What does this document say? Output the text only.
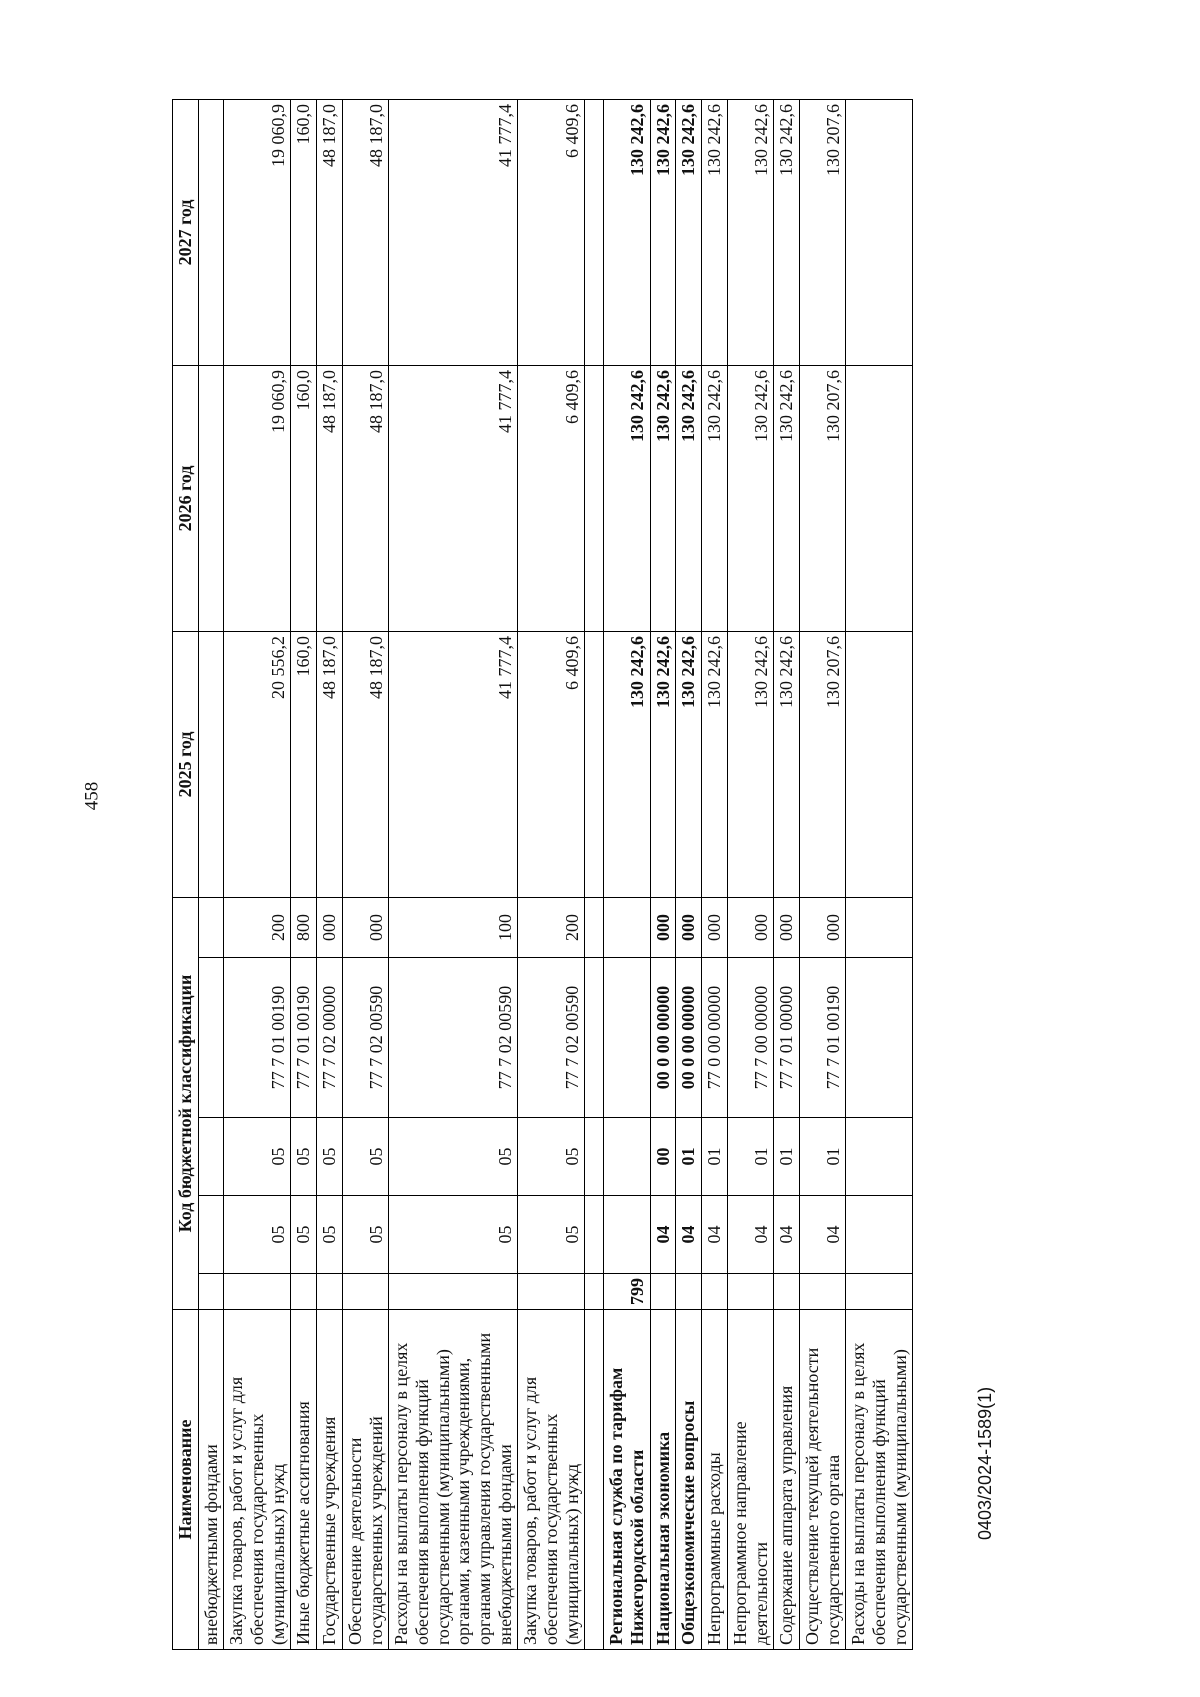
458
Наименование	Код бюджетной классификации					2025 год	2026 год	2027 год
внебюджетными фондами								
Закупка товаров, работ и услуг для обеспечения государственных (муниципальных) нужд		05	05	77 7 01 00190	200	20 556,2	19 060,9	19 060,9
Иные бюджетные ассигнования		05	05	77 7 01 00190	800	160,0	160,0	160,0
Государственные учреждения		05	05	77 7 02 00000	000	48 187,0	48 187,0	48 187,0
Обеспечение деятельности государственных учреждений		05	05	77 7 02 00590	000	48 187,0	48 187,0	48 187,0
Расходы на выплаты персоналу в целях обеспечения выполнения функций государственными (муниципальными) органами, казенными учреждениями, органами управления государственными внебюджетными фондами		05	05	77 7 02 00590	100	41 777,4	41 777,4	41 777,4
Закупка товаров, работ и услуг для обеспечения государственных (муниципальных) нужд		05	05	77 7 02 00590	200	6 409,6	6 409,6	6 409,6

Региональная служба по тарифам Нижегородской области	799					130 242,6	130 242,6	130 242,6
Национальная экономика		04	00	00 0 00 00000	000	130 242,6	130 242,6	130 242,6
Общеэкономические вопросы		04	01	00 0 00 00000	000	130 242,6	130 242,6	130 242,6
Непрограммные расходы		04	01	77 0 00 00000	000	130 242,6	130 242,6	130 242,6
Непрограммное направление деятельности		04	01	77 7 00 00000	000	130 242,6	130 242,6	130 242,6
Содержание аппарата управления		04	01	77 7 01 00000	000	130 242,6	130 242,6	130 242,6
Осуществление текущей деятельности государственного органа		04	01	77 7 01 00190	000	130 207,6	130 207,6	130 207,6
Расходы на выплаты персоналу в целях обеспечения выполнения функций государственными (муниципальными)									0403/2024-1589(1)
